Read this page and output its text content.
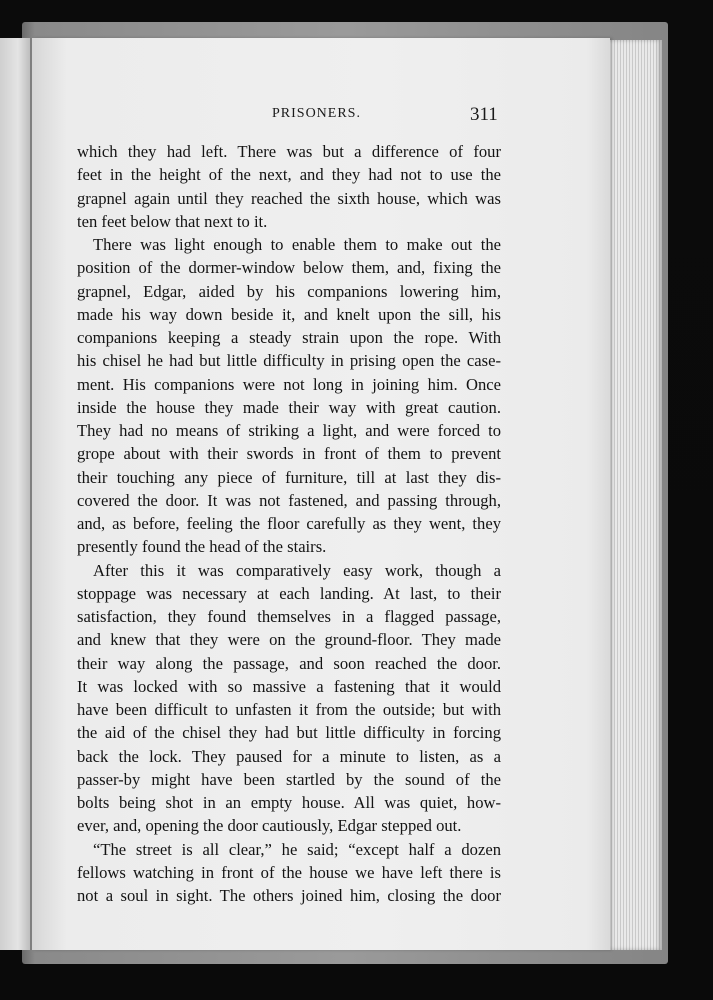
PRISONERS.	311
which they had left. There was but a difference of four
feet in the height of the next, and they had not to use the
grapnel again until they reached the sixth house, which was
ten feet below that next to it.
There was light enough to enable them to make out the
position of the dormer-window below them, and, fixing the
grapnel, Edgar, aided by his companions lowering him,
made his way down beside it, and knelt upon the sill, his
companions keeping a steady strain upon the rope. With
his chisel he had but little difficulty in prising open the case-
ment. His companions were not long in joining him. Once
inside the house they made their way with great caution.
They had no means of striking a light, and were forced to
grope about with their swords in front of them to prevent
their touching any piece of furniture, till at last they dis-
covered the door. It was not fastened, and passing through,
and, as before, feeling the floor carefully as they went, they
presently found the head of the stairs.
After this it was comparatively easy work, though a
stoppage was necessary at each landing. At last, to their
satisfaction, they found themselves in a flagged passage,
and knew that they were on the ground-floor. They made
their way along the passage, and soon reached the door.
It was locked with so massive a fastening that it would
have been difficult to unfasten it from the outside; but with
the aid of the chisel they had but little difficulty in forcing
back the lock. They paused for a minute to listen, as a
passer-by might have been startled by the sound of the
bolts being shot in an empty house. All was quiet, how-
ever, and, opening the door cautiously, Edgar stepped out.
“The street is all clear,” he said; “except half a dozen
fellows watching in front of the house we have left there is
not a soul in sight. The others joined him, closing the door
